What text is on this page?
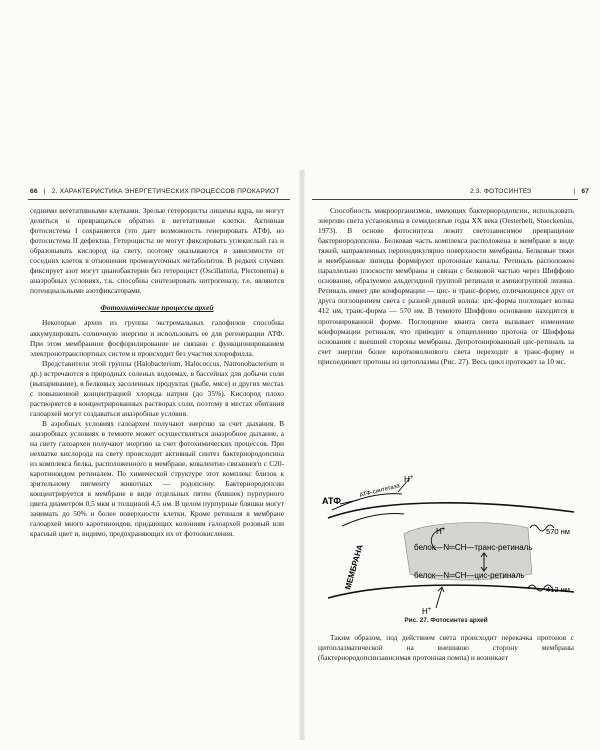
66 | 2. ХАРАКТЕРИСТИКА ЭНЕРГЕТИЧЕСКИХ ПРОЦЕССОВ ПРОКАРИОТ	2.3. ФОТОСИНТЕЗ	| 67

седними вегетативными клетками. Зрелые гетероцисты лишены ядра, не могут делиться и превращаться обратно в вегетативные клетки. Активная фотосистема I сохраняется (это дает возможность генерировать АТФ), но фотосистема II дефектна. Гетероцисты не могут фиксировать углекислый газ и образовывать кислород на свету, поэтому оказываются в зависимости от соседних клеток в отношении промежуточных метаболитов. В редких случаях фиксирует азот могут цианобактерии без гетероцист (Oscillatoria, Plectonema) в анаэробных условиях, т.к. способны синтезировать нитрогеназу, т.е. являются потенциальными азотфиксаторами.

Фотохимические процессы архей

Некоторые археи из группы экстремальных галофилов способны аккумулировать солнечную энергию и использовать ее для регенерации АТФ. При этом мембранное фосфорилирование не связано с функционированием электронотранспортных систем и происходит без участия хлорофилла.

Представители этой группы (Halobacterium, Halococcus, Natronobacterium и др.) встречаются в природных соленых водоемах, в бассейнах для добычи соли (выпаривание), в белковых засоленных продуктах (рыбе, мясе) и других местах с повышенной концентрацией хлорида натрия (до 35%). Кислород плохо растворяется в концентрированных растворах соли, поэтому в местах обитания галоархей могут создаваться анаэробные условия.

В аэробных условиях галоархеи получают энергию за счет дыхания. В анаэробных условиях в темноте может осуществляться анаэробное дыхание, а на свету галоархеи получают энергию за счет фотохимических процессов. При нехватке кислорода на свету происходит активный синтез бактериородопсина из комплекса белка, расположенного в мембране, ковалентно связанного с C20-каротиноидом ретиналем. По химической структуре этот комплекс близок к зрительному пигменту животных — родопсину. Бактериородопсин концентрируется в мембране в виде отдельных пятен (бляшек) пурпурного цвета диаметром 0,5 мкм и толщиной 4,5 нм. В целом пурпурные бляшки могут занимать до 50% и более поверхности клетки. Кроме ретиналя в мембране галоархей много каротиноидов, придающих колониям галоархей розовый или красный цвет и, видимо, предохраняющих их от фотоокисления.

Способность микроорганизмов, имеющих бактериородопсин, использовать энергию света установлена в семидесятые годы XX века (Oesterhelt, Stoeckenius, 1973). В основе фотосинтеза лежит светозависимое превращение бактериородопсина. Белковая часть комплекса расположена в мембране в виде тяжей, направленных перпендикулярно поверхности мембраны. Белковые тяжи и мембранные липиды формируют протонные каналы. Ретиналь расположен параллельно плоскости мембраны и связан с белковой частью через Шиффово основание, образуемое альдегидной группой ретиналя и аминогруппой лизина. Ретиналь имеет две конформации — цис- и транс-форму, отличающиеся друг от друга поглощением света с разной длиной волны: цис-форма поглощает волны 412 нм, транс-форма — 570 нм. В темноте Шиффово основание находится в протонированной форме. Поглощение кванта света вызывает изменение конформации ретиналя, что приводит к отщеплению протона от Шиффова основания с внешней стороны мембраны. Депротонированный цис-ретиналь за счет энергии более коротковолнового света переходит в транс-форму и присоединяет протоны из цитоплазмы (Рис. 27). Весь цикл протекает за 10 мс.

АТФ-синтетаза
АТФ
H+
МЕМБРАНА
H+
белок—N═CH—транс-ретиналь
белок—N═CH—цис-ретиналь
570 нм
412 нм
H+
Рис. 27. Фотосинтез архей

Таким образом, под действием света происходит перекачка протонов с цитоплазматической на внешнюю сторону мембраны (бактериородопсинзависимая протонная помпа) и возникает
